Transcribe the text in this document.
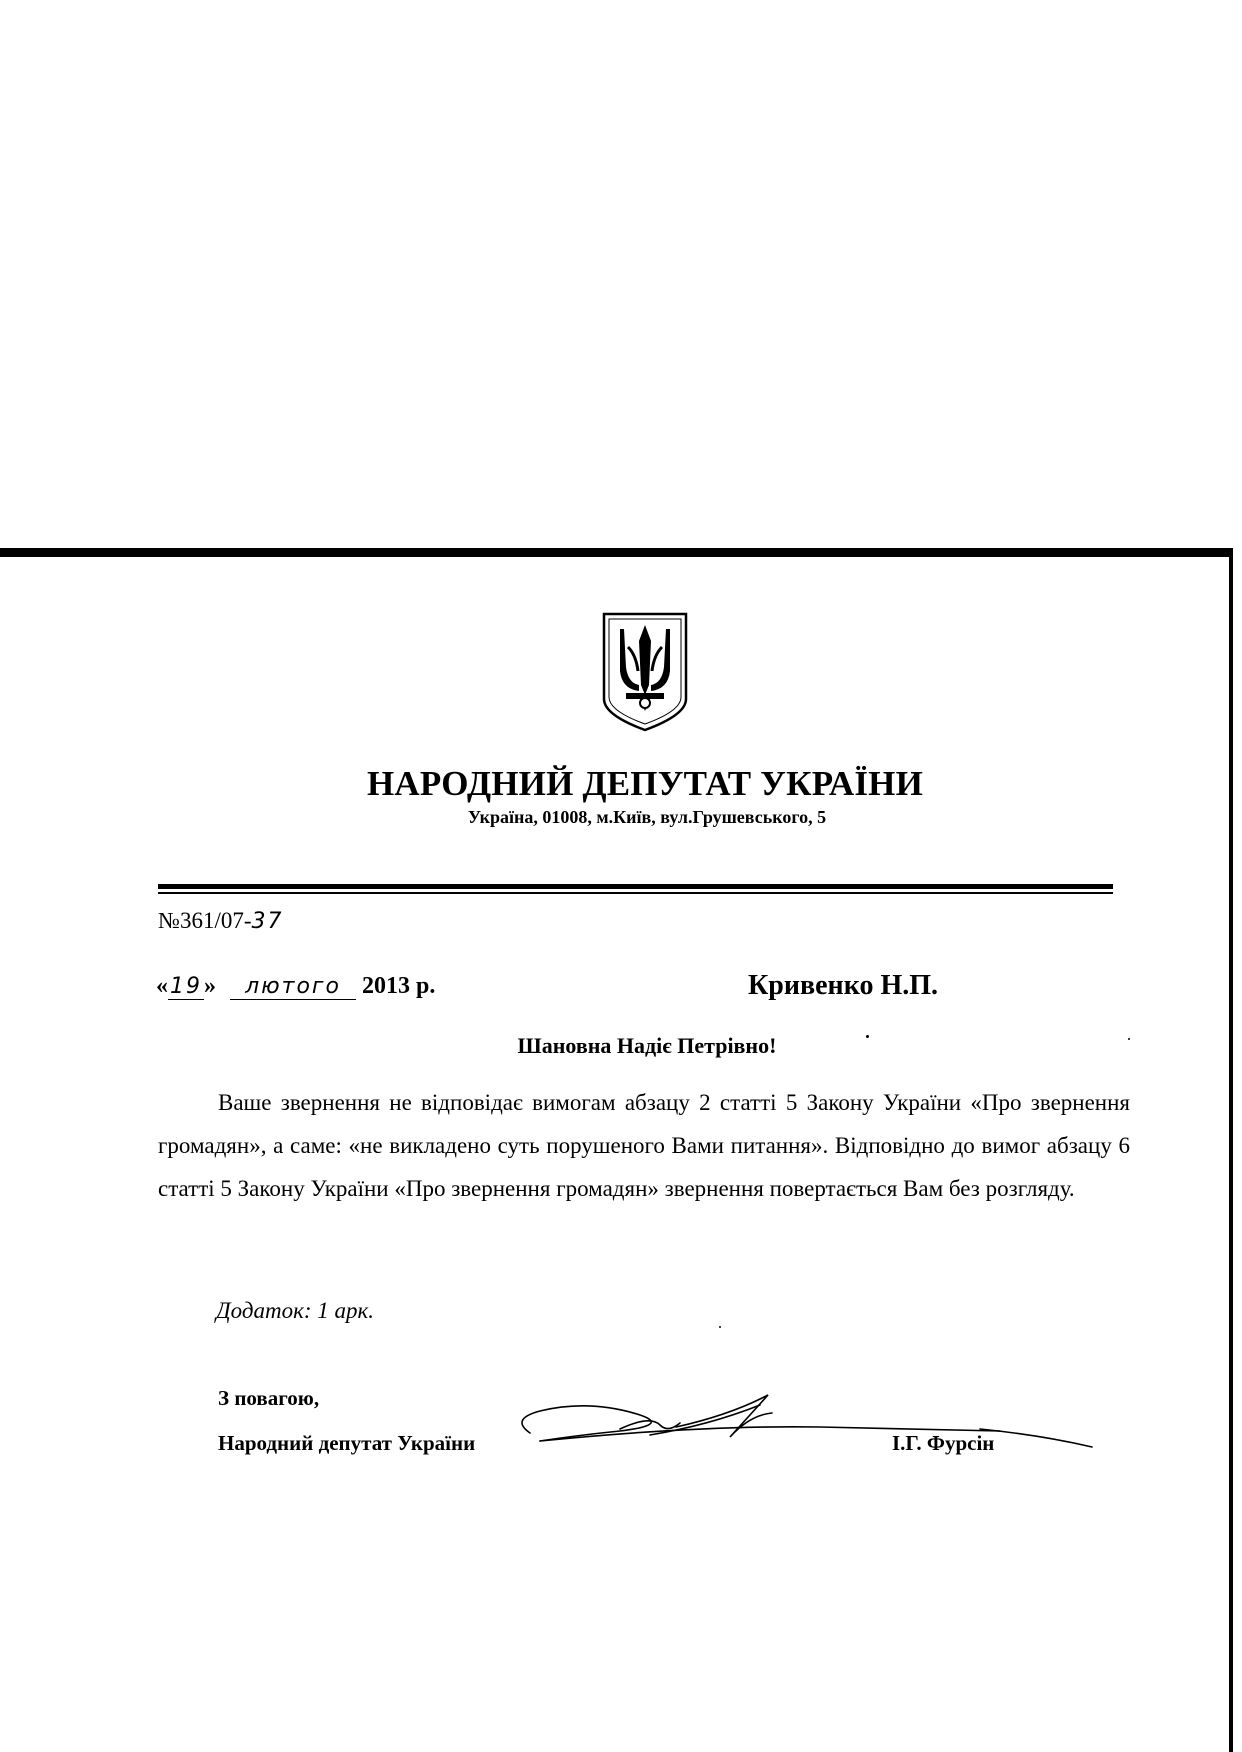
НАРОДНИЙ ДЕПУТАТ УКРАЇНИ
Україна, 01008, м.Київ, вул.Грушевського, 5
№361/07-37
«19» лютого 2013 р.	Кривенко Н.П.
Шановна Надіє Петрівно!

Ваше звернення не відповідає вимогам абзацу 2 статті 5 Закону України «Про звернення громадян», а саме: «не викладено суть порушеного Вами питання». Відповідно до вимог абзацу 6 статті 5 Закону України «Про звернення громадян» звернення повертається Вам без розгляду.

Додаток: 1 арк.
З повагою,
Народний депутат України	І.Г. Фурсін
